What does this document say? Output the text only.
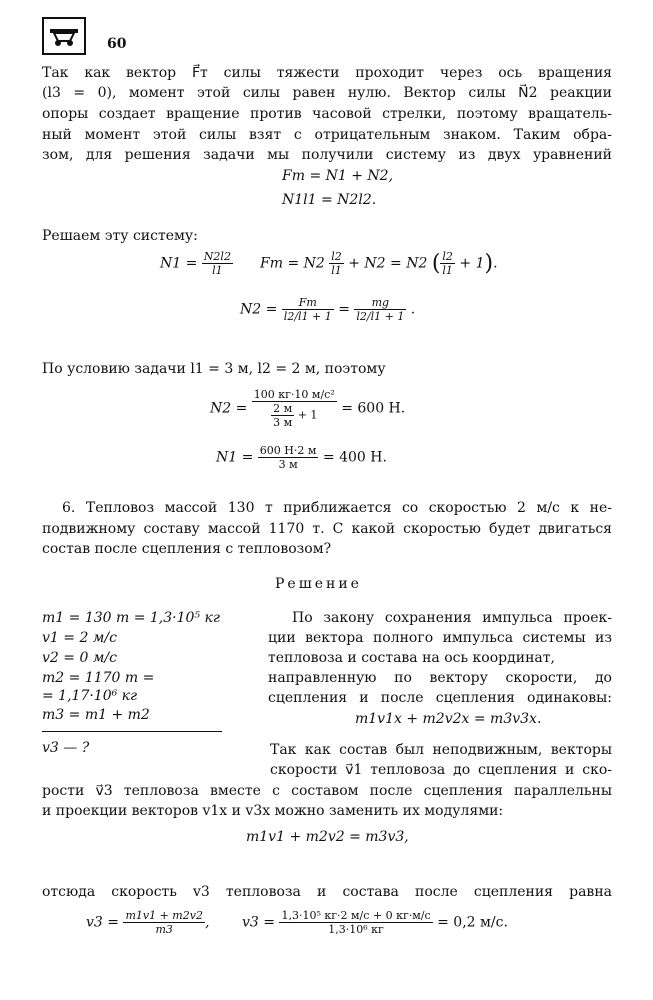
60
Так как вектор F⃗т силы тяжести проходит через ось вращения
(l3 = 0), момент этой силы равен нулю. Вектор силы N⃗2 реакции
опоры создает вращение против часовой стрелки, поэтому вращатель-
ный момент этой силы взят с отрицательным знаком. Таким обра-
зом, для решения задачи мы получили систему из двух уравнений
Fт = N1 + N2,
N1l1 = N2l2.
Решаем эту систему:
$N1 = \frac{N2l2}{l1}$ Fт = $N2 \frac{l2}{l1} + N2 = N2$ ( $\frac{l2}{l1} + 1$).
$N2 = \frac{Fт}{l2/l1 + 1} = \frac{mg}{l2/l1 + 1}$ .
По условию задачи l1 = 3 м, l2 = 2 м, поэтому
$N2 = \frac{\text{100 кг·10 м/с²}}{\frac{2 м}{3 м} + 1} = 600$ Н.
$N1 = \frac{600 Н\cdot 2 м}{3 м} = 400$ Н.
6. Тепловоз массой 130 т приближается со скоростью 2 м/с к не-
подвижному составу массой 1170 т. С какой скоростью будет двигаться
состав после сцепления с тепловозом?
Решение
m1 = 130 т = 1,3·10⁵ кг
v1 = 2 м/с
v2 = 0 м/с
m2 = 1170 т =
= 1,17·10⁶ кг
m3 = m1 + m2
v3 — ?
По закону сохранения импульса проек-
ции вектора полного импульса системы из
тепловоза и состава на ось координат,
направленную по вектору скорости, до
сцепления и после сцепления одинаковы:
m1v1x + m2v2x = m3v3x.
Так как состав был неподвижным, векторы
скорости v⃗1 тепловоза до сцепления и ско-
рости v⃗3 тепловоза вместе с составом после сцепления параллельны
и проекции векторов v1x и v3x можно заменить их модулями:
m1v1 + m2v2 = m3v3,
отсюда скорость v3 тепловоза и состава после сцепления равна
$v3 = \frac{m1v1 + m2v2}{m3}$ , $v3 = \frac{\text{1,3·10⁵ кг·2 м/с + 0 кг·м/с}}{\text{1,3·10⁶ кг}} = 0,2$ м/с.
